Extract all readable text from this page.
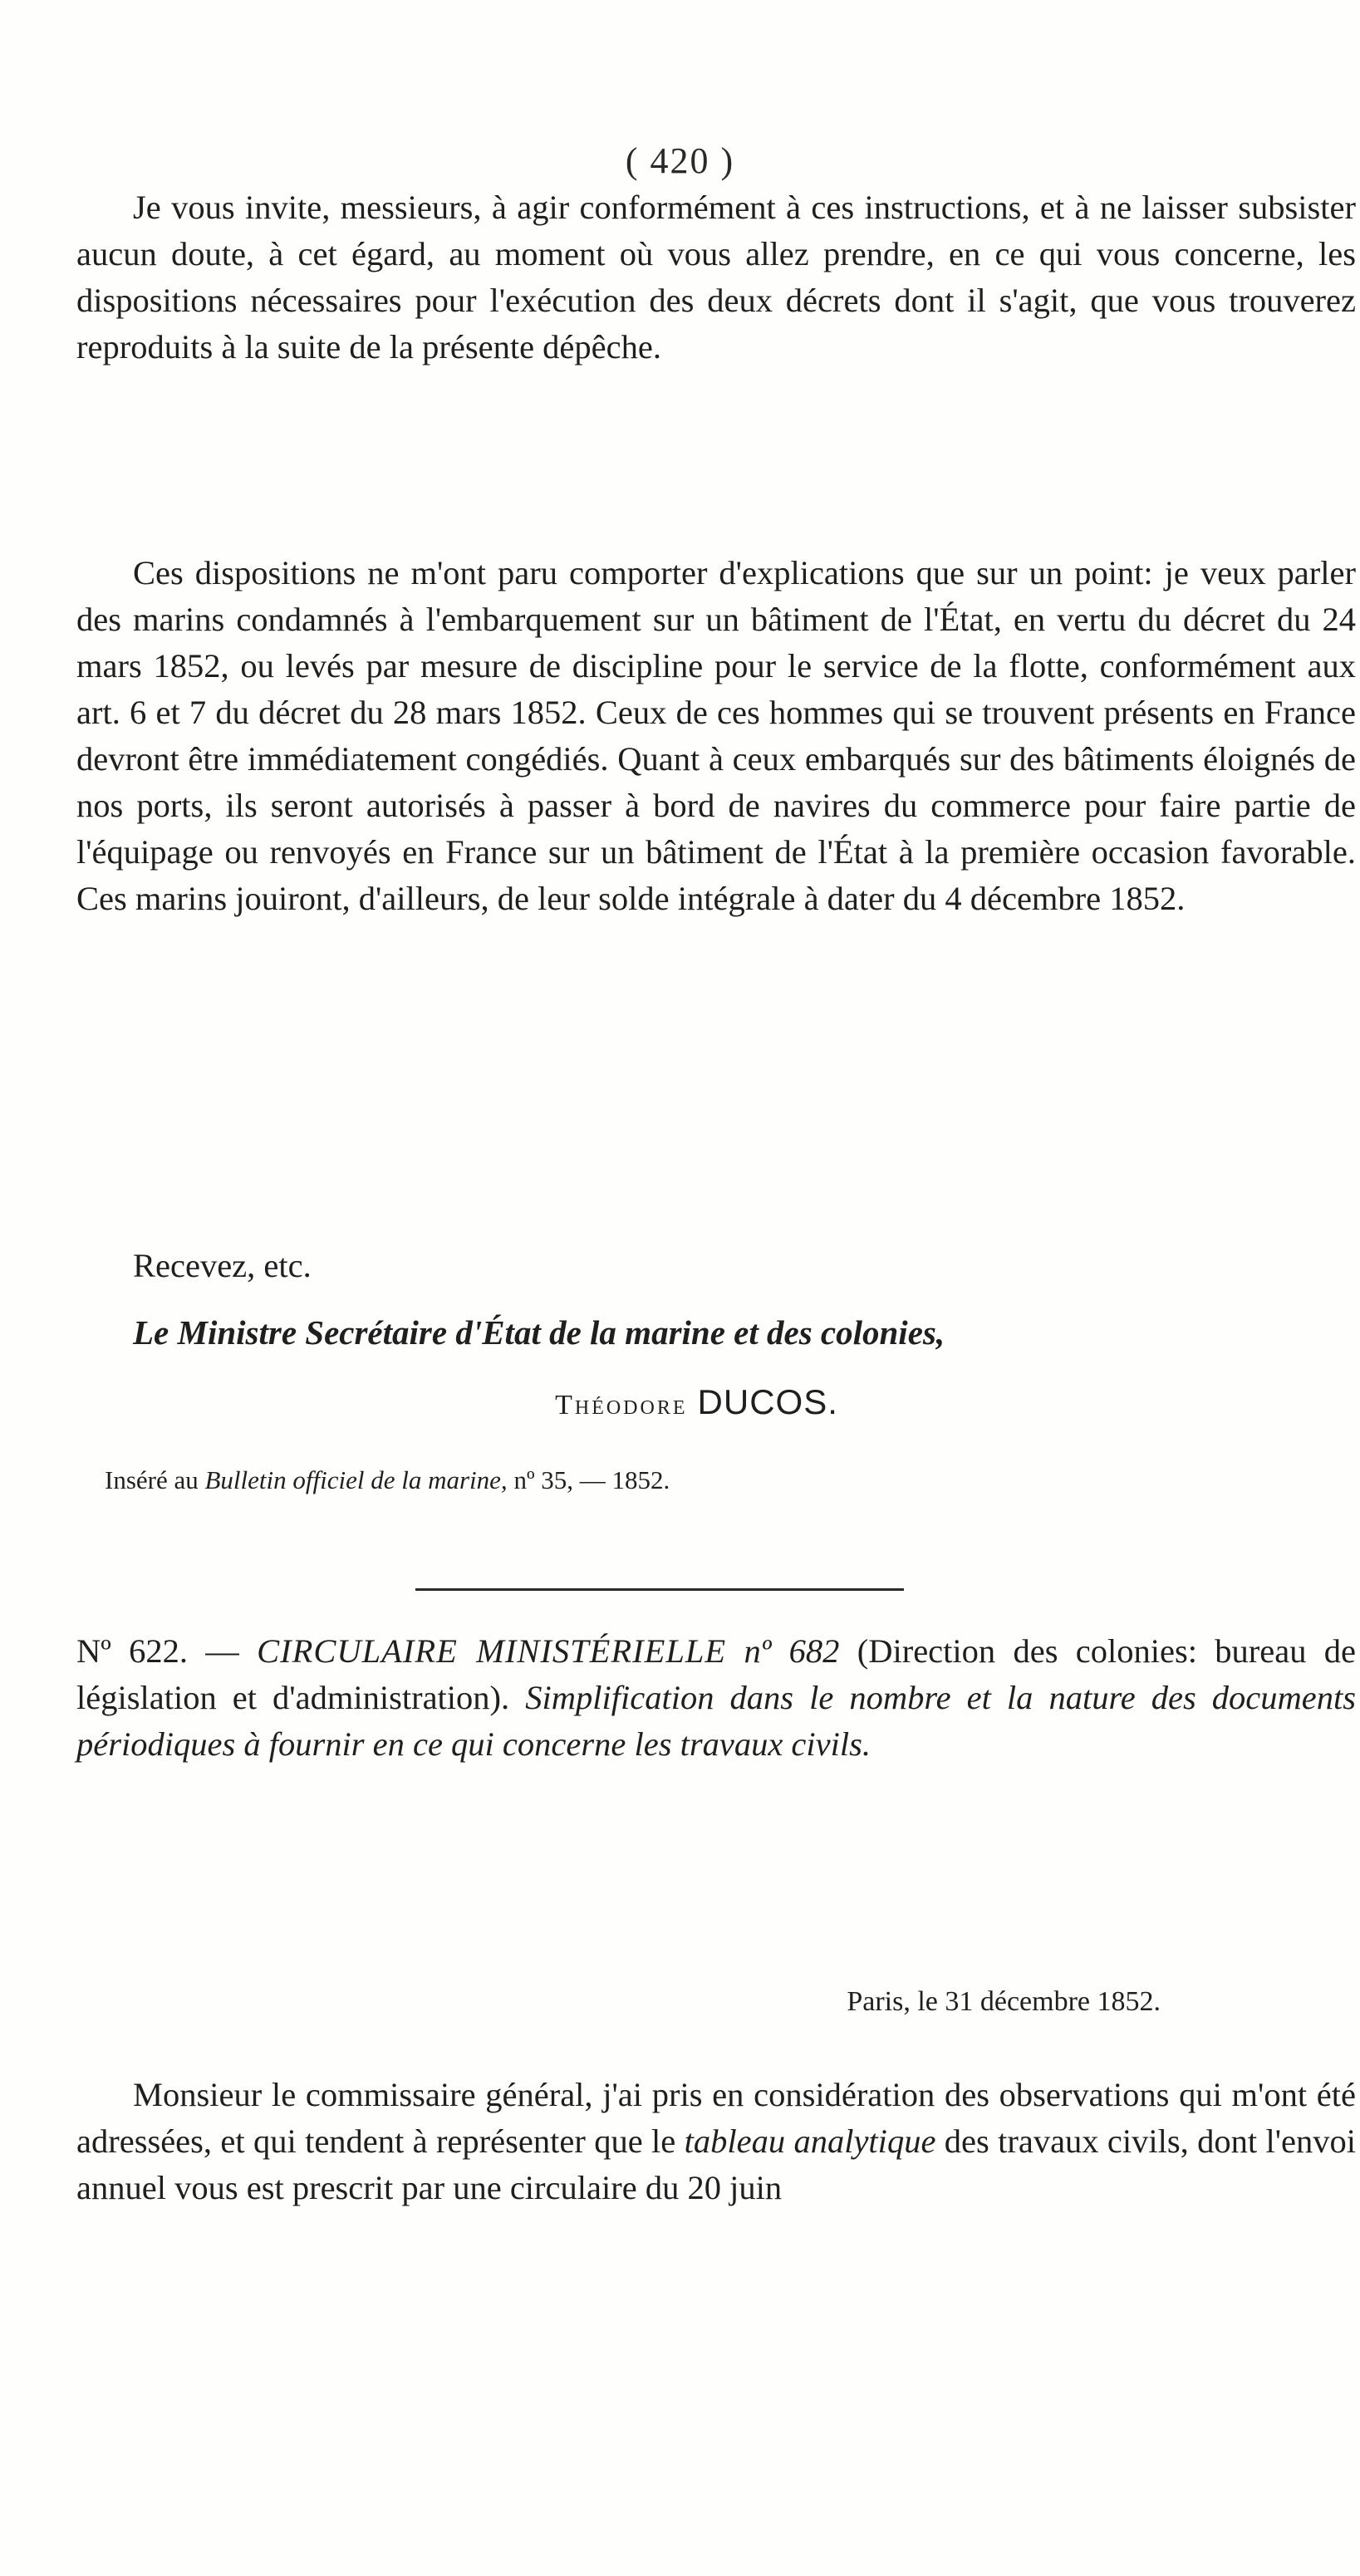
( 420 )

Je vous invite, messieurs, à agir conformément à ces instructions, et à ne laisser subsister aucun doute, à cet égard, au moment où vous allez prendre, en ce qui vous concerne, les dispositions nécessaires pour l'exécution des deux décrets dont il s'agit, que vous trouverez reproduits à la suite de la présente dépêche.

Ces dispositions ne m'ont paru comporter d'explications que sur un point: je veux parler des marins condamnés à l'embarquement sur un bâtiment de l'État, en vertu du décret du 24 mars 1852, ou levés par mesure de discipline pour le service de la flotte, conformément aux art. 6 et 7 du décret du 28 mars 1852. Ceux de ces hommes qui se trouvent présents en France devront être immédiatement congédiés. Quant à ceux embarqués sur des bâtiments éloignés de nos ports, ils seront autorisés à passer à bord de navires du commerce pour faire partie de l'équipage ou renvoyés en France sur un bâtiment de l'État à la première occasion favorable. Ces marins jouiront, d'ailleurs, de leur solde intégrale à dater du 4 décembre 1852.

Recevez, etc.
Le Ministre Secrétaire d'État de la marine et des colonies,
Théodore DUCOS.
Inséré au Bulletin officiel de la marine, nº 35, — 1852.
Nº 622. — CIRCULAIRE MINISTÉRIELLE nº 682 (Direction des colonies: bureau de législation et d'administration). Simplification dans le nombre et la nature des documents périodiques à fournir en ce qui concerne les travaux civils.
Paris, le 31 décembre 1852.

Monsieur le commissaire général, j'ai pris en considération des observations qui m'ont été adressées, et qui tendent à représenter que le tableau analytique des travaux civils, dont l'envoi annuel vous est prescrit par une circulaire du 20 juin
